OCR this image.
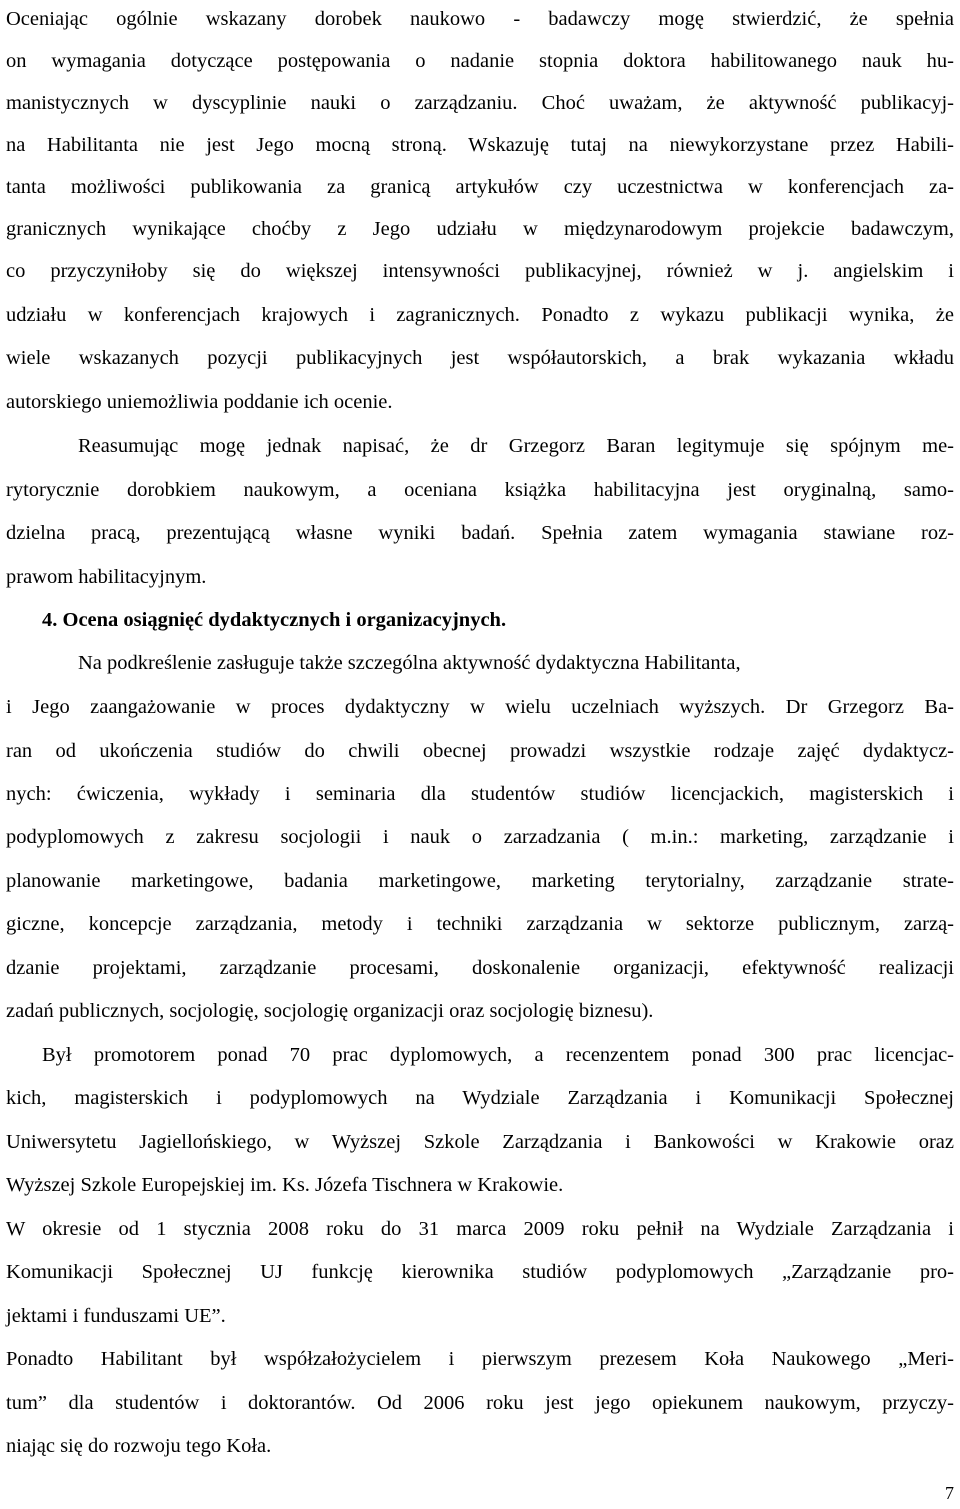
Oceniając ogólnie wskazany dorobek naukowo - badawczy mogę stwierdzić, że spełnia
on wymagania dotyczące postępowania o nadanie stopnia doktora habilitowanego nauk hu-
manistycznych w dyscyplinie nauki o zarządzaniu. Choć uważam, że aktywność publikacyj-
na Habilitanta nie jest Jego mocną stroną. Wskazuję tutaj na niewykorzystane przez Habili-
tanta możliwości publikowania za granicą artykułów czy uczestnictwa w konferencjach za-
granicznych wynikające choćby z Jego udziału w międzynarodowym projekcie badawczym,
co przyczyniłoby się do większej intensywności publikacyjnej, również w j. angielskim i
udziału w konferencjach krajowych i zagranicznych. Ponadto z wykazu publikacji wynika, że
wiele wskazanych pozycji publikacyjnych jest współautorskich, a brak wykazania wkładu
autorskiego uniemożliwia poddanie ich ocenie.
Reasumując mogę jednak napisać, że dr Grzegorz Baran legitymuje się spójnym me-
rytorycznie dorobkiem naukowym, a oceniana książka habilitacyjna jest oryginalną, samo-
dzielna pracą, prezentującą własne wyniki badań. Spełnia zatem wymagania stawiane roz-
prawom habilitacyjnym.
4. Ocena osiągnięć dydaktycznych i organizacyjnych.
Na podkreślenie zasługuje także szczególna aktywność dydaktyczna Habilitanta,
i Jego zaangażowanie w proces dydaktyczny w wielu uczelniach wyższych. Dr Grzegorz Ba-
ran od ukończenia studiów do chwili obecnej prowadzi wszystkie rodzaje zajęć dydaktycz-
nych: ćwiczenia, wykłady i seminaria dla studentów studiów licencjackich, magisterskich i
podyplomowych z zakresu socjologii i nauk o zarzadzania ( m.in.: marketing, zarządzanie i
planowanie marketingowe, badania marketingowe, marketing terytorialny, zarządzanie strate-
giczne, koncepcje zarządzania, metody i techniki zarządzania w sektorze publicznym, zarzą-
dzanie projektami, zarządzanie procesami, doskonalenie organizacji, efektywność realizacji
zadań publicznych, socjologię, socjologię organizacji oraz socjologię biznesu).
Był promotorem ponad 70 prac dyplomowych, a recenzentem ponad 300 prac licencjac-
kich, magisterskich i podyplomowych na Wydziale Zarządzania i Komunikacji Społecznej
Uniwersytetu Jagiellońskiego, w Wyższej Szkole Zarządzania i Bankowości w Krakowie oraz
Wyższej Szkole Europejskiej im. Ks. Józefa Tischnera w Krakowie.
W okresie od 1 stycznia 2008 roku do 31 marca 2009 roku pełnił na Wydziale Zarządzania i
Komunikacji Społecznej UJ funkcję kierownika studiów podyplomowych „Zarządzanie pro-
jektami i funduszami UE”.
Ponadto Habilitant był współzałożycielem i pierwszym prezesem Koła Naukowego „Meri-
tum” dla studentów i doktorantów. Od 2006 roku jest jego opiekunem naukowym, przyczy-
niając się do rozwoju tego Koła.
7
